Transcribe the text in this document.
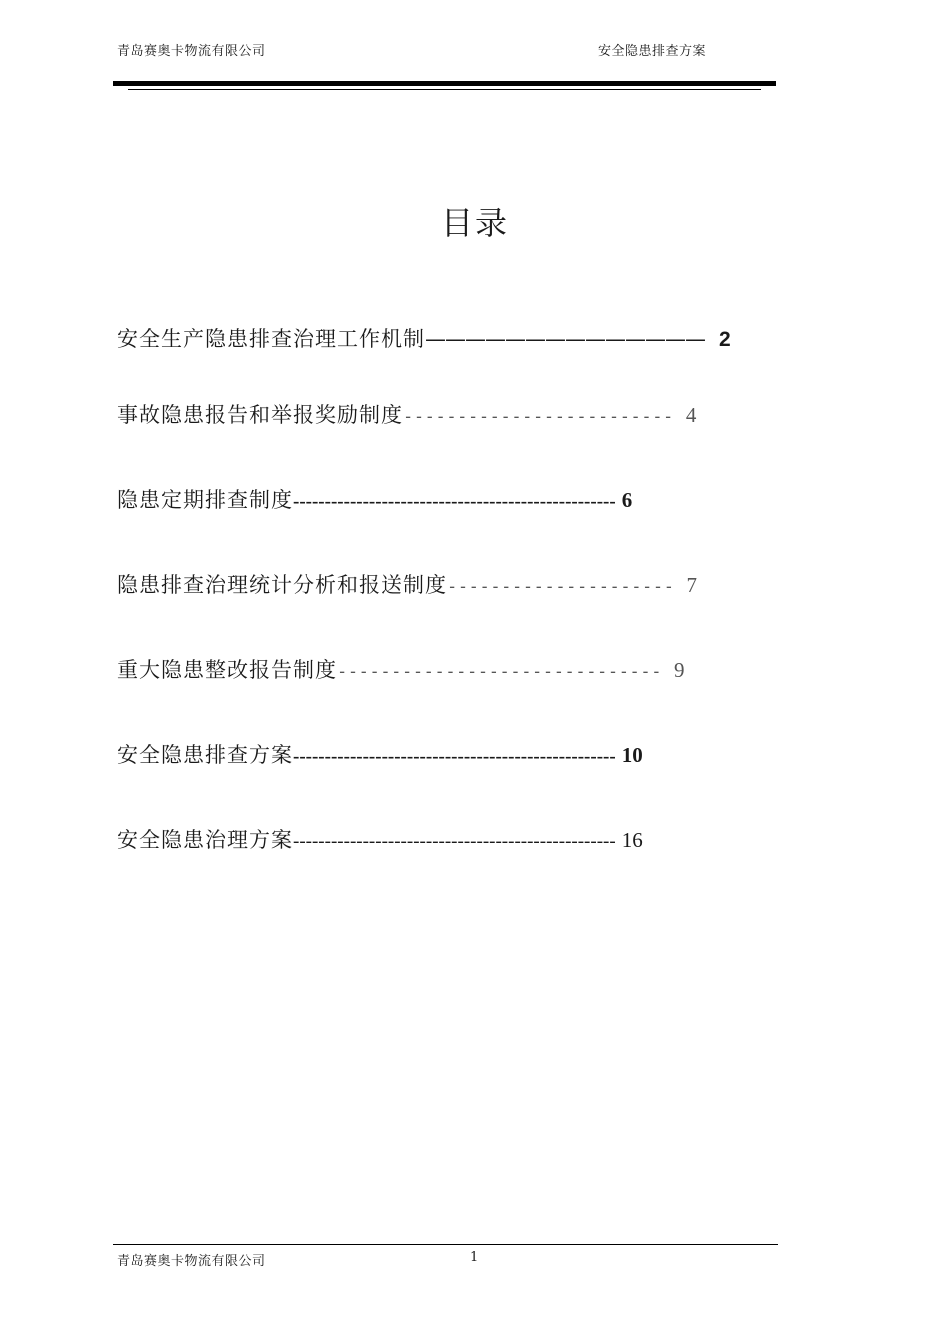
青岛赛奥卡物流有限公司	安全隐患排查方案
目录
安全生产隐患排查治理工作机制—————————————— 2
事故隐患报告和举报奖励制度------------------------- 4
隐患定期排查制度--------------------------------------------------- 6
隐患排查治理统计分析和报送制度--------------------- 7
重大隐患整改报告制度------------------------------ 9
安全隐患排查方案--------------------------------------------------- 10
安全隐患治理方案--------------------------------------------------- 16
青岛赛奥卡物流有限公司	1
